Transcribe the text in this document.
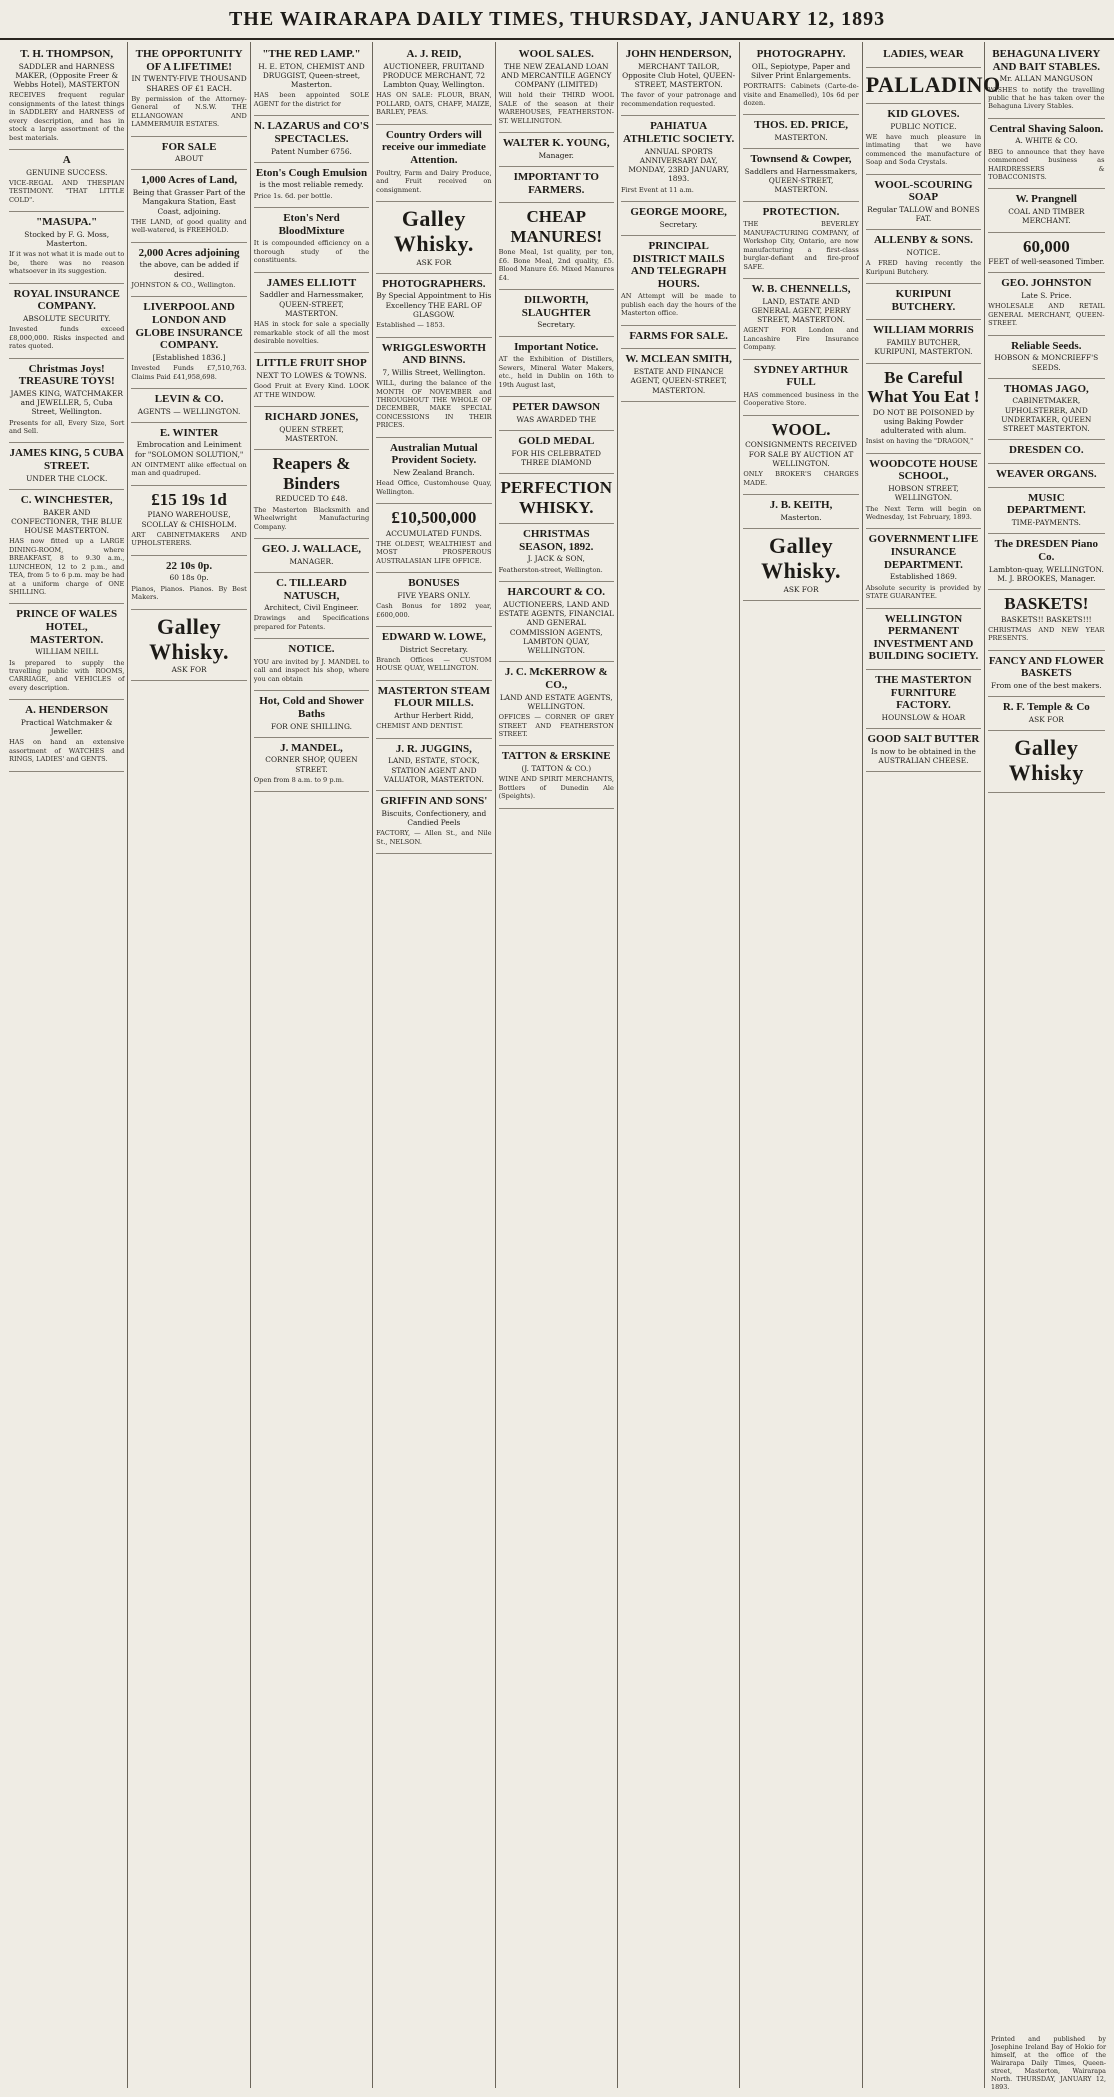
THE WAIRARAPA DAILY TIMES, THURSDAY, JANUARY 12, 1893
T. H. THOMPSON,
SADDLER and HARNESS MAKER, (Opposite Freer & Webbs Hotel), MASTERTON
RECEIVES frequent regular consignments of the latest things in SADDLERY and HARNESS of every description, and has in stock a large assortment of the best materials.
A
GENUINE SUCCESS.
VICE-REGAL AND THESPIAN TESTIMONY. "THAT LITTLE COLD".
"MASUPA."
Stocked by F. G. Moss, Masterton.
If it was not what it is made out to be, there was no reason whatsoever in its suggestion.
ROYAL INSURANCE COMPANY.
ABSOLUTE SECURITY.
Invested funds exceed £8,000,000. Risks inspected and rates quoted.
Christmas Joys! TREASURE TOYS!
JAMES KING, WATCHMAKER and JEWELLER, 5, Cuba Street, Wellington.
Presents for all, Every Size, Sort and Sell.
JAMES KING, 5 CUBA STREET.
UNDER THE CLOCK.
C. WINCHESTER,
BAKER AND CONFECTIONER, THE BLUE HOUSE MASTERTON.
HAS now fitted up a LARGE DINING-ROOM, where BREAKFAST, 8 to 9.30 a.m., LUNCHEON, 12 to 2 p.m., and TEA, from 5 to 6 p.m. may be had at a uniform charge of ONE SHILLING.
PRINCE OF WALES HOTEL, MASTERTON.
WILLIAM NEILL
Is prepared to supply the travelling public with ROOMS, CARRIAGE, and VEHICLES of every description.
A. HENDERSON
Practical Watchmaker & Jeweller.
HAS on hand an extensive assortment of WATCHES and RINGS, LADIES' and GENTS.
THE OPPORTUNITY OF A LIFETIME!
IN TWENTY-FIVE THOUSAND SHARES OF £1 EACH.
By permission of the Attorney-General of N.S.W. THE ELLANGOWAN AND LAMMERMUIR ESTATES.
FOR SALE
ABOUT
1,000 Acres of Land,
Being that Grasser Part of the Mangakura Station, East Coast, adjoining.
THE LAND, of good quality and well-watered, is FREEHOLD.
2,000 Acres adjoining
the above, can be added if desired.
JOHNSTON & CO., Wellington.
LIVERPOOL AND LONDON AND GLOBE INSURANCE COMPANY.
[Established 1836.]
Invested Funds £7,510,763. Claims Paid £41,958,698.
LEVIN & CO.
AGENTS — WELLINGTON.
E. WINTER
Embrocation and Leiniment for "SOLOMON SOLUTION,"
AN OINTMENT alike effectual on man and quadruped.
£15 19s 1d
PIANO WAREHOUSE, SCOLLAY & CHISHOLM.
ART CABINETMAKERS AND UPHOLSTERERS.
22 10s 0p.
60 18s 0p.
Pianos, Pianos. Pianos. By Best Makers.
Galley Whisky.
ASK FOR
"THE RED LAMP."
H. E. ETON, CHEMIST AND DRUGGIST, Queen-street, Masterton.
HAS been appointed SOLE AGENT for the district for
N. LAZARUS and CO'S SPECTACLES.
Patent Number 6756.
Eton's Cough Emulsion
is the most reliable remedy.
Price 1s. 6d. per bottle.
Eton's Nerd BloodMixture
It is compounded efficiency on a thorough study of the constituents.
JAMES ELLIOTT
Saddler and Harnessmaker, QUEEN-STREET, MASTERTON.
HAS in stock for sale a specially remarkable stock of all the most desirable novelties.
LITTLE FRUIT SHOP
NEXT TO LOWES & TOWNS.
Good Fruit at Every Kind. LOOK AT THE WINDOW.
RICHARD JONES,
QUEEN STREET, MASTERTON.
Reapers & Binders
REDUCED TO £48.
The Masterton Blacksmith and Wheelwright Manufacturing Company.
GEO. J. WALLACE,
MANAGER.
C. TILLEARD NATUSCH,
Architect, Civil Engineer.
Drawings and Specifications prepared for Patents.
NOTICE.
YOU are invited by J. MANDEL to call and inspect his shop, where you can obtain
Hot, Cold and Shower Baths
FOR ONE SHILLING.
J. MANDEL,
CORNER SHOP, QUEEN STREET.
Open from 8 a.m. to 9 p.m.
A. J. REID,
AUCTIONEER, FRUITAND PRODUCE MERCHANT, 72 Lambton Quay, Wellington.
HAS ON SALE: FLOUR, BRAN, POLLARD, OATS, CHAFF, MAIZE, BARLEY, PEAS.
Country Orders will receive our immediate Attention.
Poultry, Farm and Dairy Produce, and Fruit received on consignment.
Galley Whisky.
ASK FOR
PHOTOGRAPHERS.
By Special Appointment to His Excellency THE EARL OF GLASGOW.
Established — 1853.
WRIGGLESWORTH AND BINNS.
7, Willis Street, Wellington.
WILL, during the balance of the MONTH OF NOVEMBER and THROUGHOUT THE WHOLE OF DECEMBER, MAKE SPECIAL CONCESSIONS IN THEIR PRICES.
Australian Mutual Provident Society.
New Zealand Branch.
Head Office, Customhouse Quay, Wellington.
£10,500,000
ACCUMULATED FUNDS.
THE OLDEST, WEALTHIEST and MOST PROSPEROUS AUSTRALASIAN LIFE OFFICE.
BONUSES
FIVE YEARS ONLY.
Cash Bonus for 1892 year, £600,000.
EDWARD W. LOWE,
District Secretary.
Branch Offices — CUSTOM HOUSE QUAY, WELLINGTON.
MASTERTON STEAM FLOUR MILLS.
Arthur Herbert Ridd,
CHEMIST AND DENTIST.
J. R. JUGGINS,
LAND, ESTATE, STOCK, STATION AGENT AND VALUATOR, MASTERTON.
GRIFFIN AND SONS'
Biscuits, Confectionery, and Candied Peels
FACTORY, — Allen St., and Nile St., NELSON.
WOOL SALES.
THE NEW ZEALAND LOAN AND MERCANTILE AGENCY COMPANY (LIMITED)
Will hold their THIRD WOOL SALE of the season at their WAREHOUSES, FEATHERSTON-ST. WELLINGTON.
WALTER K. YOUNG,
Manager.
IMPORTANT TO FARMERS.
CHEAP MANURES!
Bone Meal, 1st quality, per ton, £6. Bone Meal, 2nd quality, £5. Blood Manure £6. Mixed Manures £4.
DILWORTH, SLAUGHTER
Secretary.
Important Notice.
AT the Exhibition of Distillers, Sewers, Mineral Water Makers, etc., held in Dublin on 16th to 19th August last,
PETER DAWSON
WAS AWARDED THE
GOLD MEDAL
FOR HIS CELEBRATED THREE DIAMOND
PERFECTION WHISKY.
CHRISTMAS SEASON, 1892.
J. JACK & SON,
Featherston-street, Wellington.
HARCOURT & CO.
AUCTIONEERS, LAND AND ESTATE AGENTS, FINANCIAL AND GENERAL COMMISSION AGENTS, LAMBTON QUAY, WELLINGTON.
J. C. McKERROW & CO.,
LAND AND ESTATE AGENTS, WELLINGTON.
OFFICES — CORNER OF GREY STREET AND FEATHERSTON STREET.
TATTON & ERSKINE
(J. TATTON & CO.)
WINE AND SPIRIT MERCHANTS, Bottlers of Dunedin Ale (Speights).
JOHN HENDERSON,
MERCHANT TAILOR, Opposite Club Hotel, QUEEN-STREET, MASTERTON.
The favor of your patronage and recommendation requested.
PAHIATUA ATHLETIC SOCIETY.
ANNUAL SPORTS ANNIVERSARY DAY, MONDAY, 23RD JANUARY, 1893.
First Event at 11 a.m.
GEORGE MOORE,
Secretary.
PRINCIPAL DISTRICT MAILS AND TELEGRAPH HOURS.
AN Attempt will be made to publish each day the hours of the Masterton office.
FARMS FOR SALE.
W. MCLEAN SMITH,
ESTATE AND FINANCE AGENT, QUEEN-STREET, MASTERTON.
PHOTOGRAPHY.
OIL, Sepiotype, Paper and Silver Print Enlargements.
PORTRAITS: Cabinets (Carte-de-visite and Enamelled), 10s 6d per dozen.
THOS. ED. PRICE,
MASTERTON.
Townsend & Cowper,
Saddlers and Harnessmakers, QUEEN-STREET, MASTERTON.
PROTECTION.
THE BEVERLEY MANUFACTURING COMPANY, of Workshop City, Ontario, are now manufacturing a first-class burglar-defiant and fire-proof SAFE.
W. B. CHENNELLS,
LAND, ESTATE AND GENERAL AGENT, PERRY STREET, MASTERTON.
AGENT FOR London and Lancashire Fire Insurance Company.
SYDNEY ARTHUR FULL
HAS commenced business in the Cooperative Store.
WOOL.
CONSIGNMENTS RECEIVED FOR SALE BY AUCTION AT WELLINGTON.
ONLY BROKER'S CHARGES MADE.
J. B. KEITH,
Masterton.
Galley Whisky.
ASK FOR
LADIES, WEAR
PALLADINO
KID GLOVES.
PUBLIC NOTICE.
WE have much pleasure in intimating that we have commenced the manufacture of Soap and Soda Crystals.
WOOL-SCOURING SOAP
Regular TALLOW and BONES FAT.
ALLENBY & SONS.
NOTICE.
A FRED having recently the Kuripuni Butchery.
KURIPUNI BUTCHERY.
WILLIAM MORRIS
FAMILY BUTCHER, KURIPUNI, MASTERTON.
Be Careful What You Eat !
DO NOT BE POISONED by using Baking Powder adulterated with alum.
Insist on having the "DRAGON,"
WOODCOTE HOUSE SCHOOL,
HOBSON STREET, WELLINGTON.
The Next Term will begin on Wednesday, 1st February, 1893.
GOVERNMENT LIFE INSURANCE DEPARTMENT.
Established 1869.
Absolute security is provided by STATE GUARANTEE.
WELLINGTON PERMANENT INVESTMENT AND BUILDING SOCIETY.
THE MASTERTON FURNITURE FACTORY.
HOUNSLOW & HOAR
GOOD SALT BUTTER
Is now to be obtained in the AUSTRALIAN CHEESE.
BEHAGUNA LIVERY AND BAIT STABLES.
Mr. ALLAN MANGUSON
WISHES to notify the travelling public that he has taken over the Behaguna Livery Stables.
Central Shaving Saloon.
A. WHITE & CO.
BEG to announce that they have commenced business as HAIRDRESSERS & TOBACCONISTS.
W. Prangnell
COAL AND TIMBER MERCHANT.
60,000
FEET of well-seasoned Timber.
GEO. JOHNSTON
Late S. Price.
WHOLESALE AND RETAIL GENERAL MERCHANT, QUEEN-STREET.
Reliable Seeds.
HOBSON & MONCRIEFF'S SEEDS.
THOMAS JAGO,
CABINETMAKER, UPHOLSTERER, AND UNDERTAKER, QUEEN STREET MASTERTON.
DRESDEN CO.
WEAVER ORGANS.
MUSIC DEPARTMENT.
TIME-PAYMENTS.
The DRESDEN Piano Co.
Lambton-quay, WELLINGTON. M. J. BROOKES, Manager.
BASKETS!
BASKETS!! BASKETS!!!
CHRISTMAS AND NEW YEAR PRESENTS.
FANCY AND FLOWER BASKETS
From one of the best makers.
R. F. Temple & Co
ASK FOR
Galley Whisky
Printed and published by Josephine Ireland Bay of Hokio for himself, at the office of the Wairarapa Daily Times, Queen-street, Masterton, Wairarapa North. THURSDAY, JANUARY 12, 1893.
